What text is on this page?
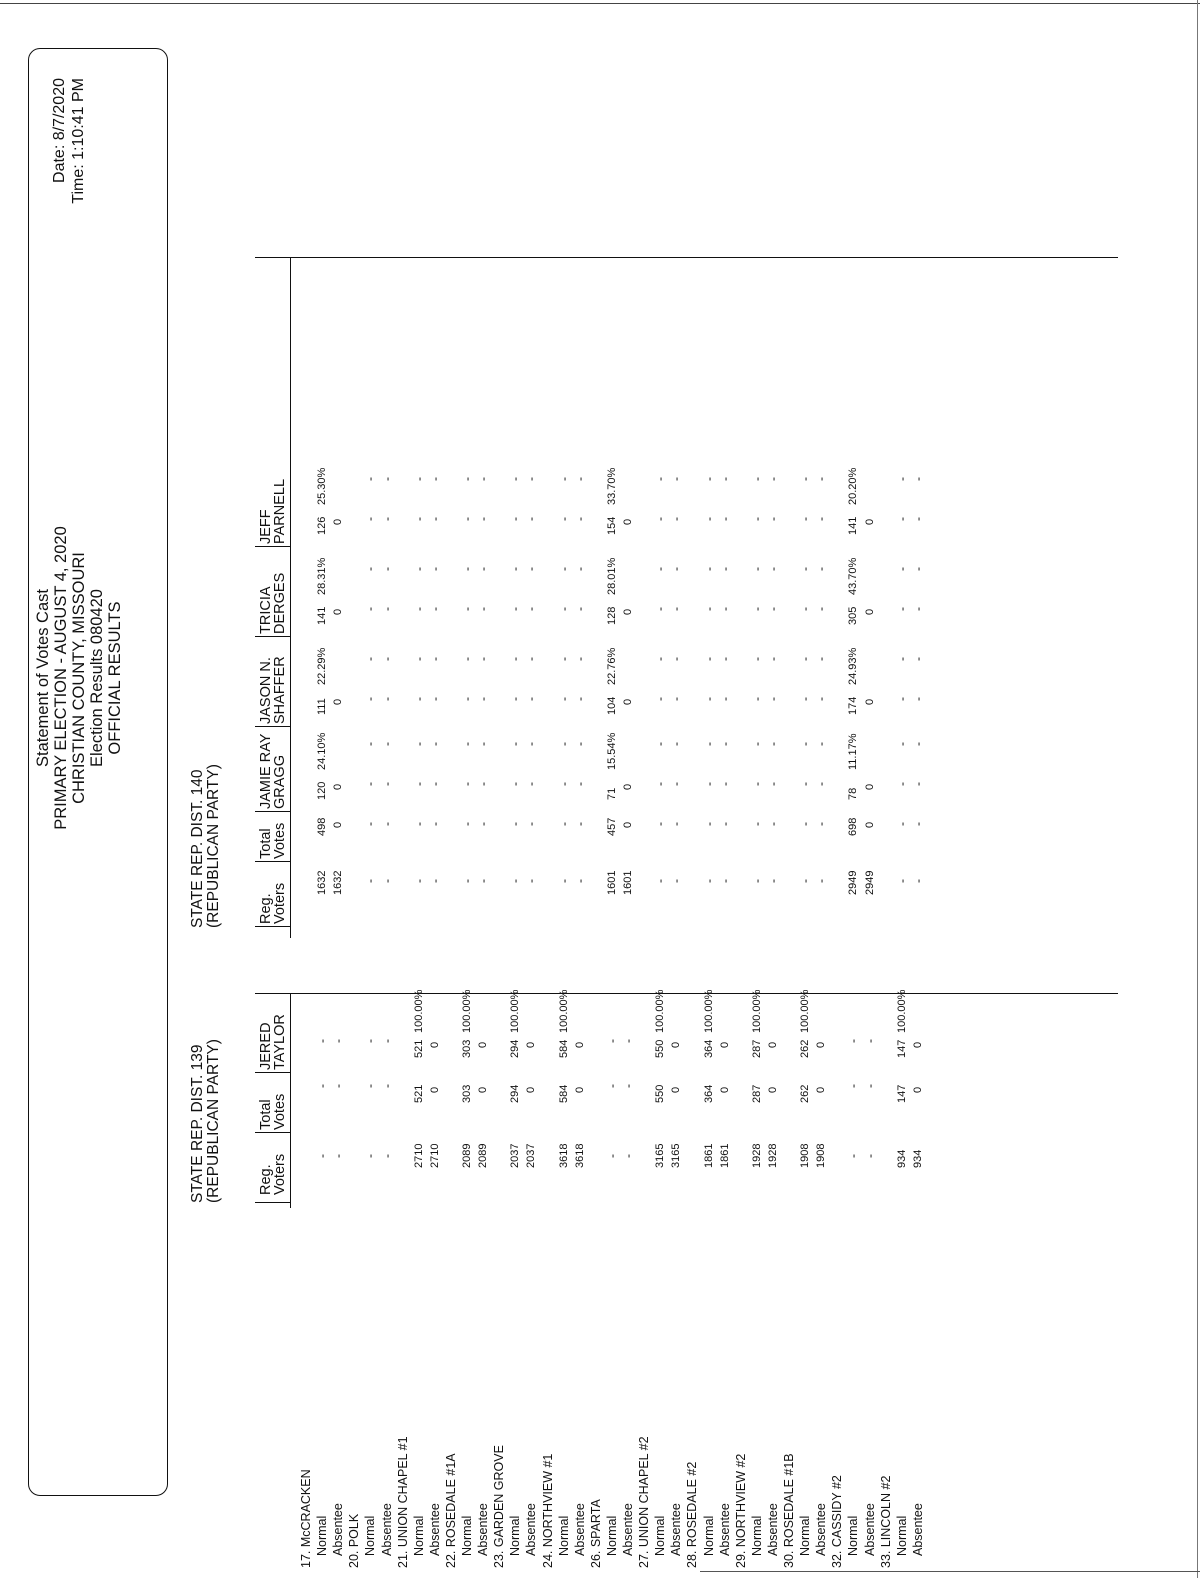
Statement of Votes Cast PRIMARY ELECTION - AUGUST 4, 2020 CHRISTIAN COUNTY, MISSOURI Election Results 080420 OFFICIAL RESULTS
Date: 8/7/2020 Time: 1:10:41 PM
STATE REP. DIST. 139 (REPUBLICAN PARTY)
STATE REP. DIST. 140 (REPUBLICAN PARTY)
Reg.
Voters
Total
Votes
JERED
TAYLOR
Reg.
Voters
Total
Votes
JAMIE RAY
GRAGG
JASON N.
SHAFFER
TRICIA
DERGES
JEFF
PARNELL
17. McCRACKEN Normal Absentee
- -
- -
- -
1632 1632
498 0
120
24.10%
0
111
22.29%
0
141
28.31%
0
126
25.30%
0
20. POLK Normal Absentee
- -
- -
- -
- -
- -
- -
- -
- -
- -
- -
- -
- -
- -
21. UNION CHAPEL #1 Normal Absentee
2710 2710
521 0
521
100.00%
0
- -
- -
- -
- -
- -
- -
- -
- -
- -
- -
22. ROSEDALE #1A Normal Absentee
2089 2089
303 0
303
100.00%
0
- -
- -
- -
- -
- -
- -
- -
- -
- -
- -
23. GARDEN GROVE Normal Absentee
2037 2037
294 0
294
100.00%
0
- -
- -
- -
- -
- -
- -
- -
- -
- -
- -
24. NORTHVIEW #1 Normal Absentee
3618 3618
584 0
584
100.00%
0
- -
- -
- -
- -
- -
- -
- -
- -
- -
- -
26. SPARTA Normal Absentee
- -
- -
- -
1601 1601
457 0
71
15.54%
0
104
22.76%
0
128
28.01%
0
154
33.70%
0
27. UNION CHAPEL #2 Normal Absentee
3165 3165
550 0
550
100.00%
0
- -
- -
- -
- -
- -
- -
- -
- -
- -
- -
28. ROSEDALE #2 Normal Absentee
1861 1861
364 0
364
100.00%
0
- -
- -
- -
- -
- -
- -
- -
- -
- -
- -
29. NORTHVIEW #2 Normal Absentee
1928 1928
287 0
287
100.00%
0
- -
- -
- -
- -
- -
- -
- -
- -
- -
- -
30. ROSEDALE #1B Normal Absentee
1908 1908
262 0
262
100.00%
0
- -
- -
- -
- -
- -
- -
- -
- -
- -
- -
32. CASSIDY #2 Normal Absentee
- -
- -
- -
2949 2949
698 0
78
11.17%
0
174
24.93%
0
305
43.70%
0
141
20.20%
0
33. LINCOLN #2 Normal Absentee
934 934
147 0
147
100.00%
0
- -
- -
- -
- -
- -
- -
- -
- -
- -
- -
